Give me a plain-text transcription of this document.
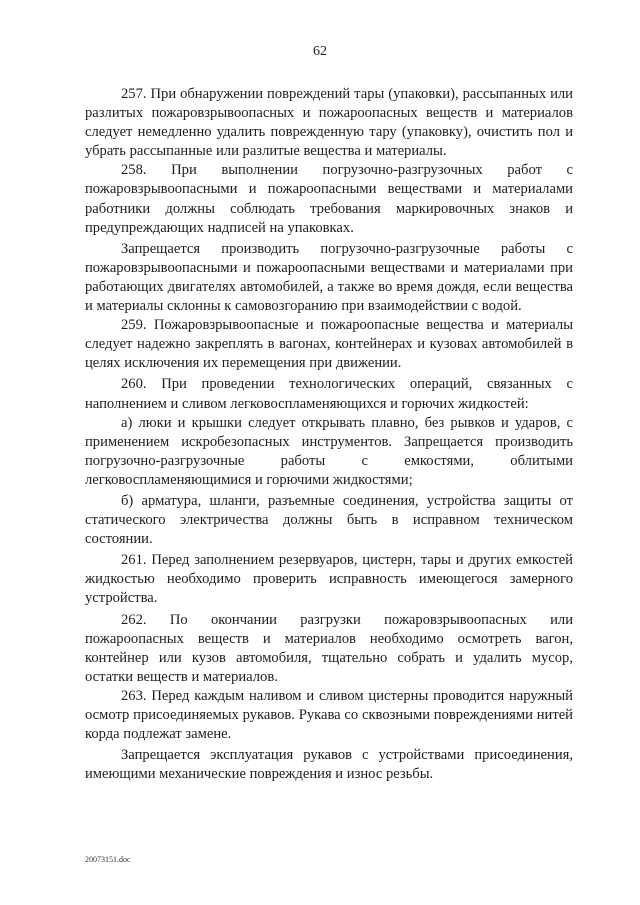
62

257. При обнаружении повреждений тары (упаковки), рассыпанных или разлитых пожаровзрывоопасных и пожароопасных веществ и материалов следует немедленно удалить поврежденную тару (упаковку), очистить пол и убрать рассыпанные или разлитые вещества и материалы.

258. При выполнении погрузочно-разгрузочных работ с пожаровзрывоопасными и пожароопасными веществами и материалами работники должны соблюдать требования маркировочных знаков и предупреждающих надписей на упаковках.

Запрещается производить погрузочно-разгрузочные работы с пожаровзрывоопасными и пожароопасными веществами и материалами при работающих двигателях автомобилей, а также во время дождя, если вещества и материалы склонны к самовозгоранию при взаимодействии с водой.

259. Пожаровзрывоопасные и пожароопасные вещества и материалы следует надежно закреплять в вагонах, контейнерах и кузовах автомобилей в целях исключения их перемещения при движении.

260. При проведении технологических операций, связанных с наполнением и сливом легковоспламеняющихся и горючих жидкостей:

а) люки и крышки следует открывать плавно, без рывков и ударов, с применением искробезопасных инструментов. Запрещается производить погрузочно-разгрузочные работы с емкостями, облитыми легковоспламеняющимися и горючими жидкостями;

б) арматура, шланги, разъемные соединения, устройства защиты от статического электричества должны быть в исправном техническом состоянии.

261. Перед заполнением резервуаров, цистерн, тары и других емкостей жидкостью необходимо проверить исправность имеющегося замерного устройства.

262. По окончании разгрузки пожаровзрывоопасных или пожароопасных веществ и материалов необходимо осмотреть вагон, контейнер или кузов автомобиля, тщательно собрать и удалить мусор, остатки веществ и материалов.

263. Перед каждым наливом и сливом цистерны проводится наружный осмотр присоединяемых рукавов. Рукава со сквозными повреждениями нитей корда подлежат замене.

Запрещается эксплуатация рукавов с устройствами присоединения, имеющими механические повреждения и износ резьбы.

20073151.doc
